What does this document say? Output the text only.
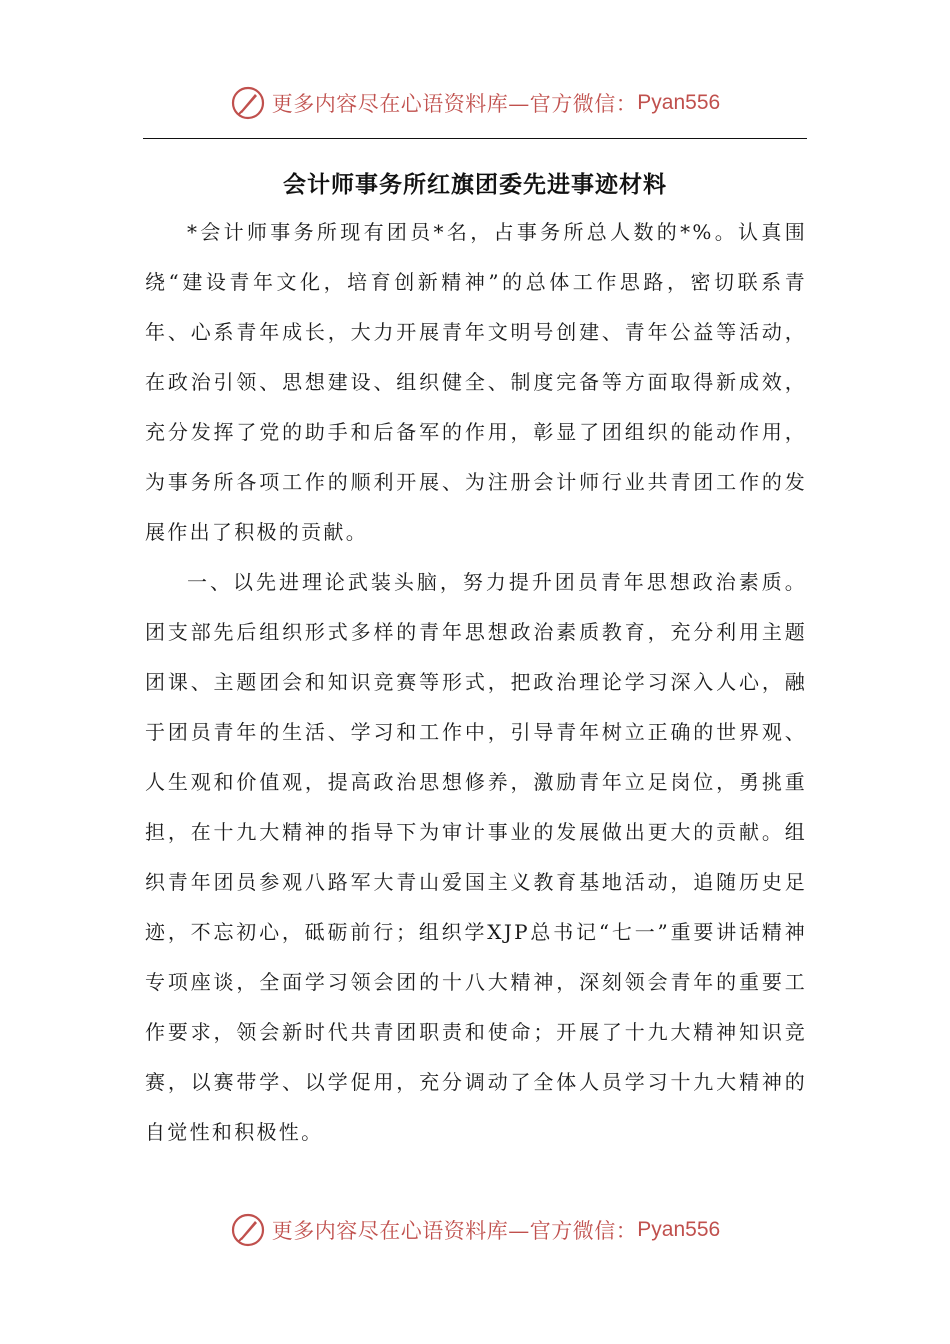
更多内容尽在心语资料库—官方微信： Pyan556
会计师事务所红旗团委先进事迹材料

*会计师事务所现有团员*名，占事务所总人数的*%。认真围绕“建设青年文化，培育创新精神”的总体工作思路，密切联系青年、心系青年成长，大力开展青年文明号创建、青年公益等活动，在政治引领、思想建设、组织健全、制度完备等方面取得新成效，充分发挥了党的助手和后备军的作用，彰显了团组织的能动作用，为事务所各项工作的顺利开展、为注册会计师行业共青团工作的发展作出了积极的贡献。

一、以先进理论武装头脑，努力提升团员青年思想政治素质。团支部先后组织形式多样的青年思想政治素质教育，充分利用主题团课、主题团会和知识竞赛等形式，把政治理论学习深入人心，融于团员青年的生活、学习和工作中，引导青年树立正确的世界观、人生观和价值观，提高政治思想修养，激励青年立足岗位，勇挑重担，在十九大精神的指导下为审计事业的发展做出更大的贡献。组织青年团员参观八路军大青山爱国主义教育基地活动，追随历史足迹，不忘初心，砥砺前行；组织学XJP总书记“七一”重要讲话精神专项座谈，全面学习领会团的十八大精神，深刻领会青年的重要工作要求，领会新时代共青团职责和使命；开展了十九大精神知识竞赛，以赛带学、以学促用，充分调动了全体人员学习十九大精神的自觉性和积极性。

更多内容尽在心语资料库—官方微信： Pyan556
